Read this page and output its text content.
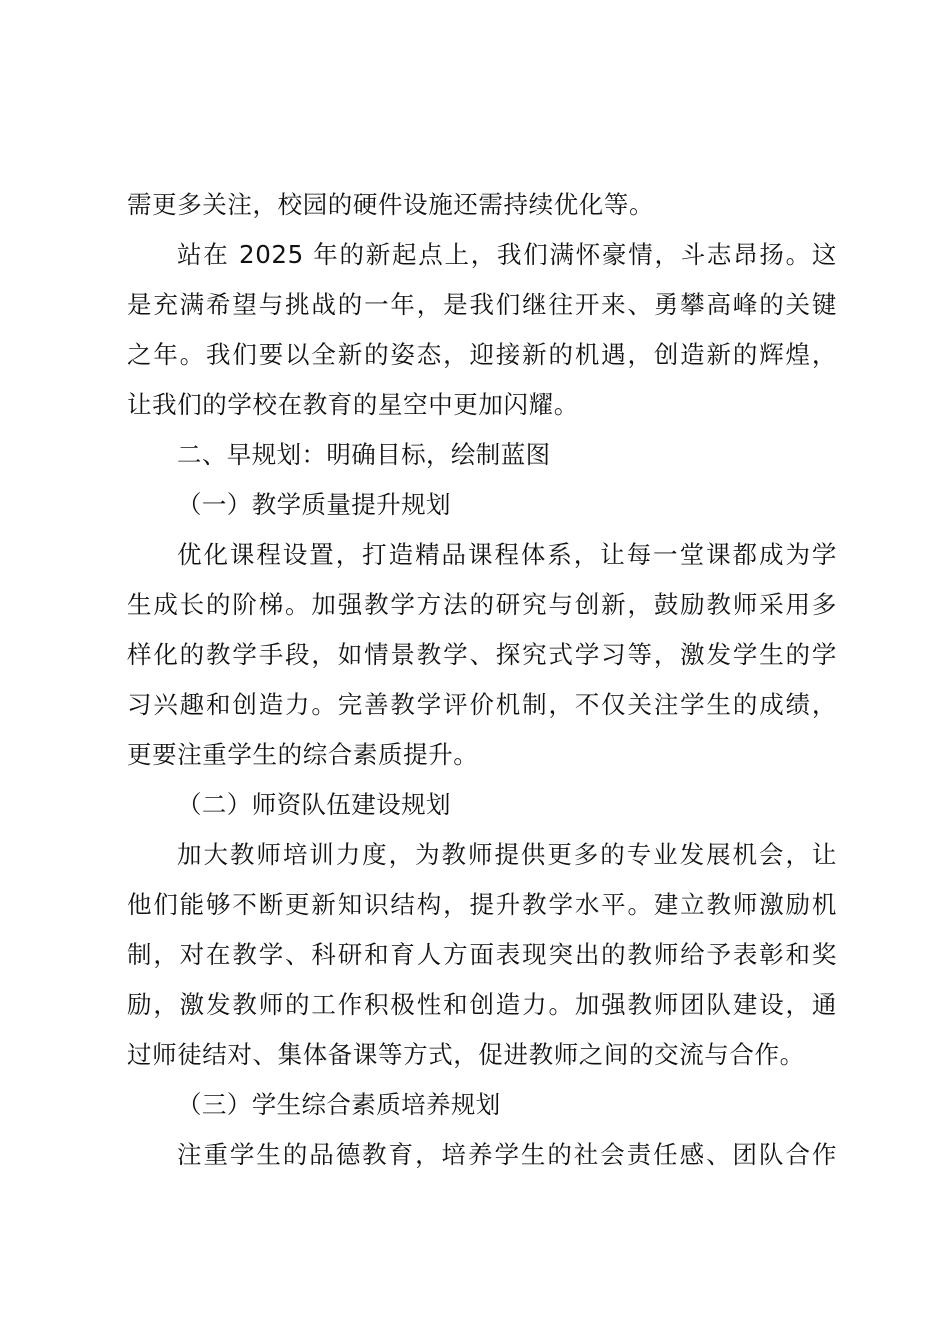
需更多关注，校园的硬件设施还需持续优化等。
站在 2025 年的新起点上，我们满怀豪情，斗志昂扬。这
是充满希望与挑战的一年，是我们继往开来、勇攀高峰的关键
之年。我们要以全新的姿态，迎接新的机遇，创造新的辉煌，
让我们的学校在教育的星空中更加闪耀。
二、早规划：明确目标，绘制蓝图
（一）教学质量提升规划
优化课程设置，打造精品课程体系，让每一堂课都成为学
生成长的阶梯。加强教学方法的研究与创新，鼓励教师采用多
样化的教学手段，如情景教学、探究式学习等，激发学生的学
习兴趣和创造力。完善教学评价机制，不仅关注学生的成绩，
更要注重学生的综合素质提升。
（二）师资队伍建设规划
加大教师培训力度，为教师提供更多的专业发展机会，让
他们能够不断更新知识结构，提升教学水平。建立教师激励机
制，对在教学、科研和育人方面表现突出的教师给予表彰和奖
励，激发教师的工作积极性和创造力。加强教师团队建设，通
过师徒结对、集体备课等方式，促进教师之间的交流与合作。
（三）学生综合素质培养规划
注重学生的品德教育，培养学生的社会责任感、团队合作
